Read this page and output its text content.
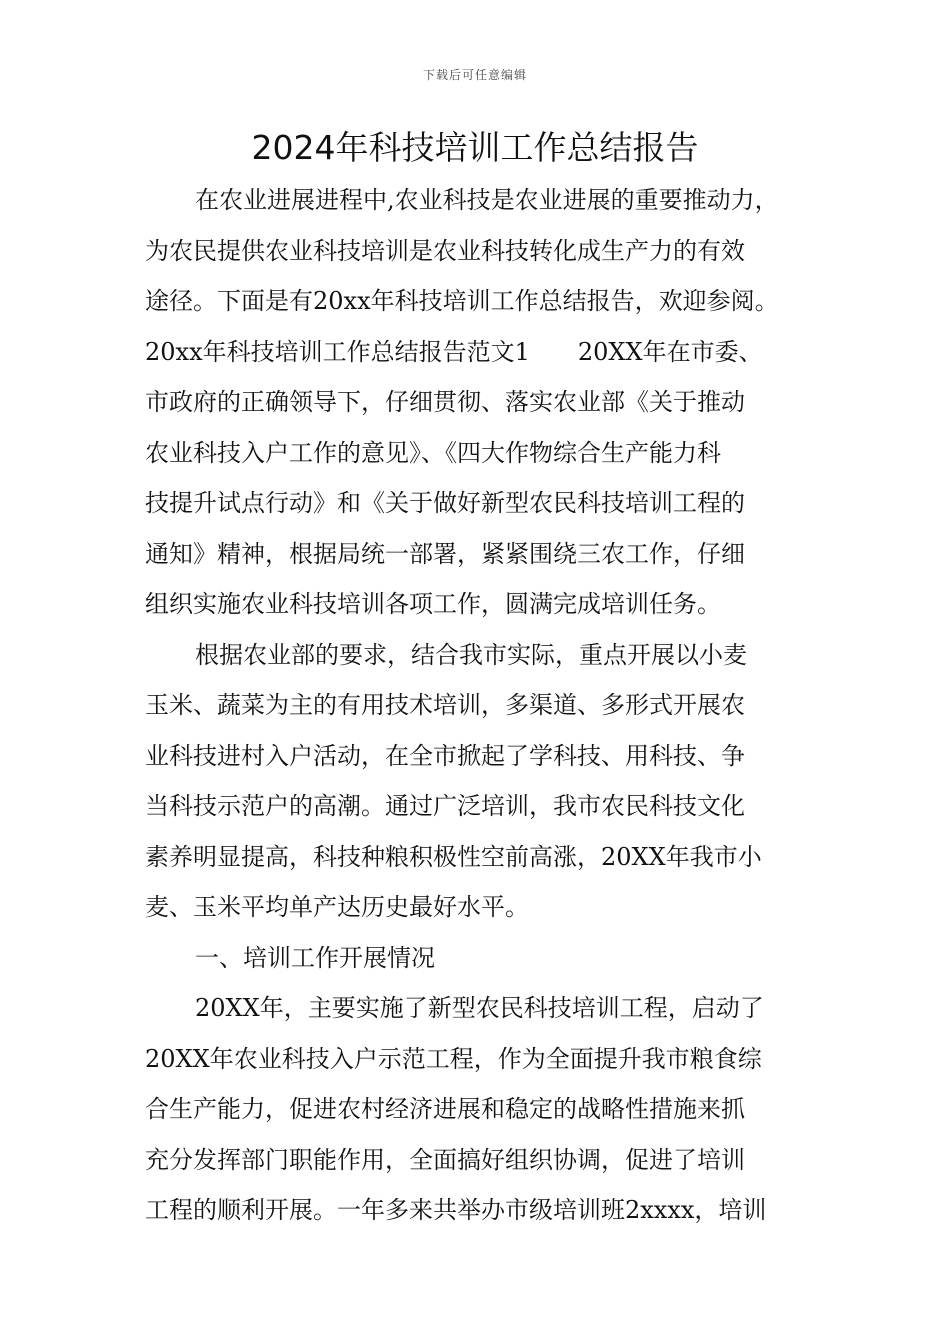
下载后可任意编辑
2024年科技培训工作总结报告
在农业进展进程中,农业科技是农业进展的重要推动力，
为农民提供农业科技培训是农业科技转化成生产力的有效
途径。下面是有20xx年科技培训工作总结报告，欢迎参阅。
20xx年科技培训工作总结报告范文1 20XX年在市委、
市政府的正确领导下，仔细贯彻、落实农业部《关于推动
农业科技入户工作的意见》、《四大作物综合生产能力科
技提升试点行动》和《关于做好新型农民科技培训工程的
通知》精神，根据局统一部署，紧紧围绕三农工作，仔细
组织实施农业科技培训各项工作，圆满完成培训任务。
根据农业部的要求，结合我市实际，重点开展以小麦
玉米、蔬菜为主的有用技术培训，多渠道、多形式开展农
业科技进村入户活动，在全市掀起了学科技、用科技、争
当科技示范户的高潮。通过广泛培训，我市农民科技文化
素养明显提高，科技种粮积极性空前高涨，20XX年我市小
麦、玉米平均单产达历史最好水平。
一、培训工作开展情况
20XX年，主要实施了新型农民科技培训工程，启动了
20XX年农业科技入户示范工程，作为全面提升我市粮食综
合生产能力，促进农村经济进展和稳定的战略性措施来抓
充分发挥部门职能作用，全面搞好组织协调，促进了培训
工程的顺利开展。一年多来共举办市级培训班2xxxx，培训
